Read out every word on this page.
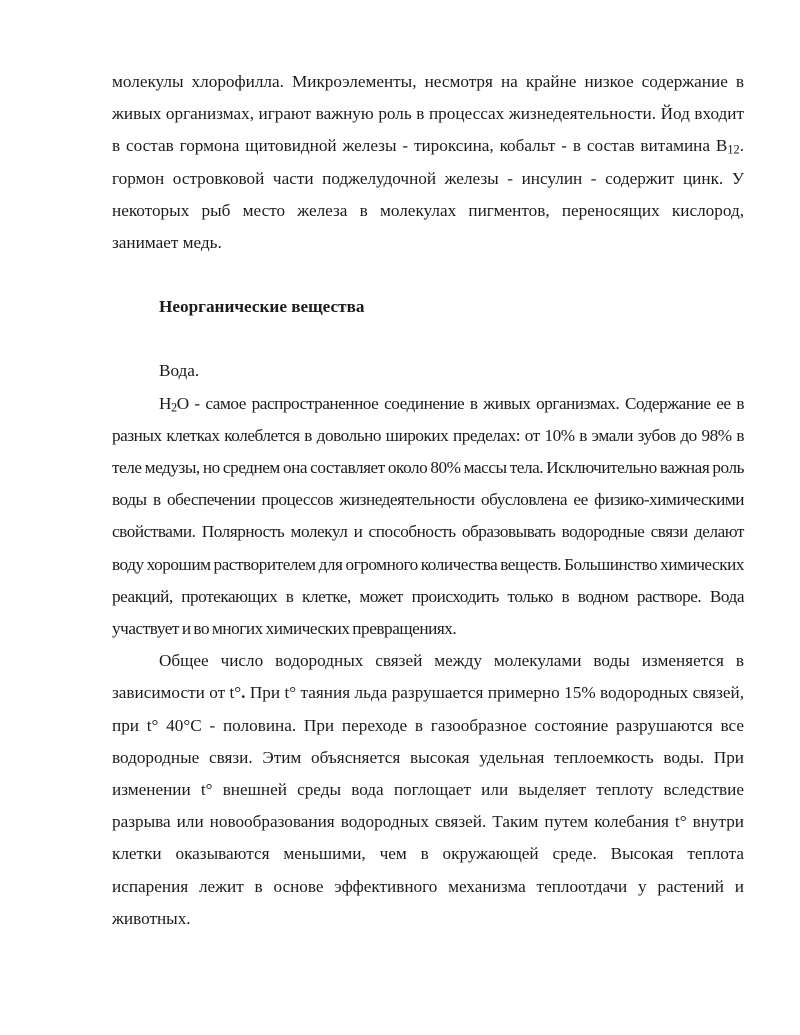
молекулы хлорофилла. Микроэлементы, несмотря на крайне низкое содержание в живых организмах, играют важную роль в процессах жизнедеятельности. Йод входит в состав гормона щитовидной железы - тироксина, кобальт - в состав витамина $B_{12}$. гормон островковой части поджелудочной железы - инсулин - содержит цинк. У некоторых рыб место железа в молекулах пигментов, переносящих кислород, занимает медь.

Неорганические вещества

Вода.

$H_2O$ - самое распространенное соединение в живых организмах. Содержание ее в разных клетках колеблется в довольно широких пределах: от 10% в эмали зубов до 98% в теле медузы, но среднем она составляет около 80% массы тела. Исключительно важная роль воды в обеспечении процессов жизнедеятельности обусловлена ее физико-химическими свойствами. Полярность молекул и способность образовывать водородные связи делают воду хорошим растворителем для огромного количества веществ. Большинство химических реакций, протекающих в клетке, может происходить только в водном растворе. Вода участвует и во многих химических превращениях.

Общее число водородных связей между молекулами воды изменяется в зависимости от t°. При t° таяния льда разрушается примерно 15% водородных связей, при t° 40°C - половина. При переходе в газообразное состояние разрушаются все водородные связи. Этим объясняется высокая удельная теплоемкость воды. При изменении t° внешней среды вода поглощает или выделяет теплоту вследствие разрыва или новообразования водородных связей. Таким путем колебания t° внутри клетки оказываются меньшими, чем в окружающей среде. Высокая теплота испарения лежит в основе эффективного механизма теплоотдачи у растений и животных.
